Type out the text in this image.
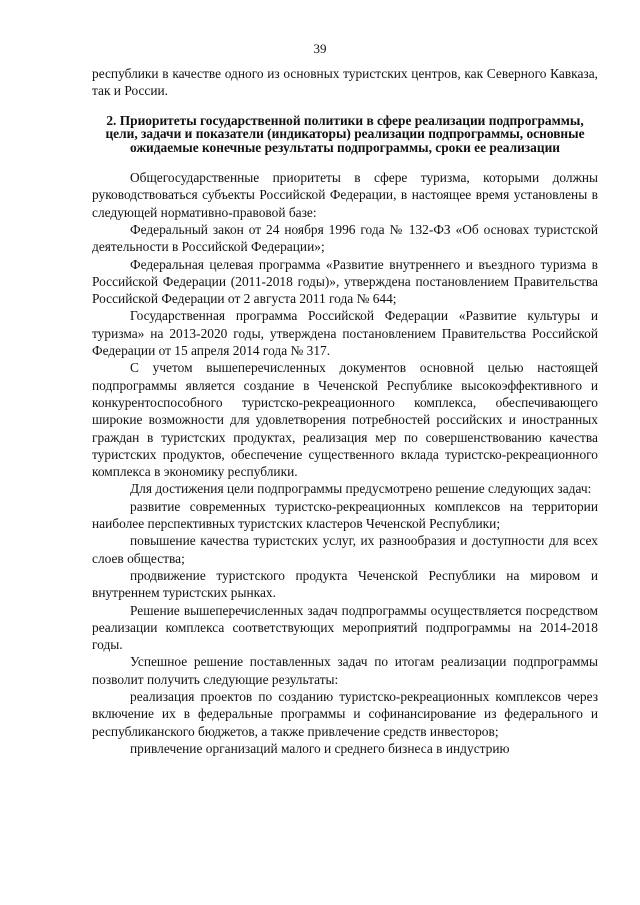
39

республики в качестве одного из основных туристских центров, как Северного Кавказа, так и России.

2. Приоритеты государственной политики в сфере реализации подпрограммы, цели, задачи и показатели (индикаторы) реализации подпрограммы, основные ожидаемые конечные результаты подпрограммы, сроки ее реализации

Общегосударственные приоритеты в сфере туризма, которыми должны руководствоваться субъекты Российской Федерации, в настоящее время установлены в следующей нормативно-правовой базе:

Федеральный закон от 24 ноября 1996 года № 132-ФЗ «Об основах туристской деятельности в Российской Федерации»;

Федеральная целевая программа «Развитие внутреннего и въездного туризма в Российской Федерации (2011-2018 годы)», утверждена постановлением Правительства Российской Федерации от 2 августа 2011 года № 644;

Государственная программа Российской Федерации «Развитие культуры и туризма» на 2013-2020 годы, утверждена постановлением Правительства Российской Федерации от 15 апреля 2014 года № 317.

С учетом вышеперечисленных документов основной целью настоящей подпрограммы является создание в Чеченской Республике высокоэффективного и конкурентоспособного туристско-рекреационного комплекса, обеспечивающего широкие возможности для удовлетворения потребностей российских и иностранных граждан в туристских продуктах, реализация мер по совершенствованию качества туристских продуктов, обеспечение существенного вклада туристско-рекреационного комплекса в экономику республики.

Для достижения цели подпрограммы предусмотрено решение следующих задач:

развитие современных туристско-рекреационных комплексов на территории наиболее перспективных туристских кластеров Чеченской Республики;

повышение качества туристских услуг, их разнообразия и доступности для всех слоев общества;

продвижение туристского продукта Чеченской Республики на мировом и внутреннем туристских рынках.

Решение вышеперечисленных задач подпрограммы осуществляется посредством реализации комплекса соответствующих мероприятий подпрограммы на 2014-2018 годы.

Успешное решение поставленных задач по итогам реализации подпрограммы позволит получить следующие результаты:

реализация проектов по созданию туристско-рекреационных комплексов через включение их в федеральные программы и софинансирование из федерального и республиканского бюджетов, а также привлечение средств инвесторов;

привлечение организаций малого и среднего бизнеса в индустрию
